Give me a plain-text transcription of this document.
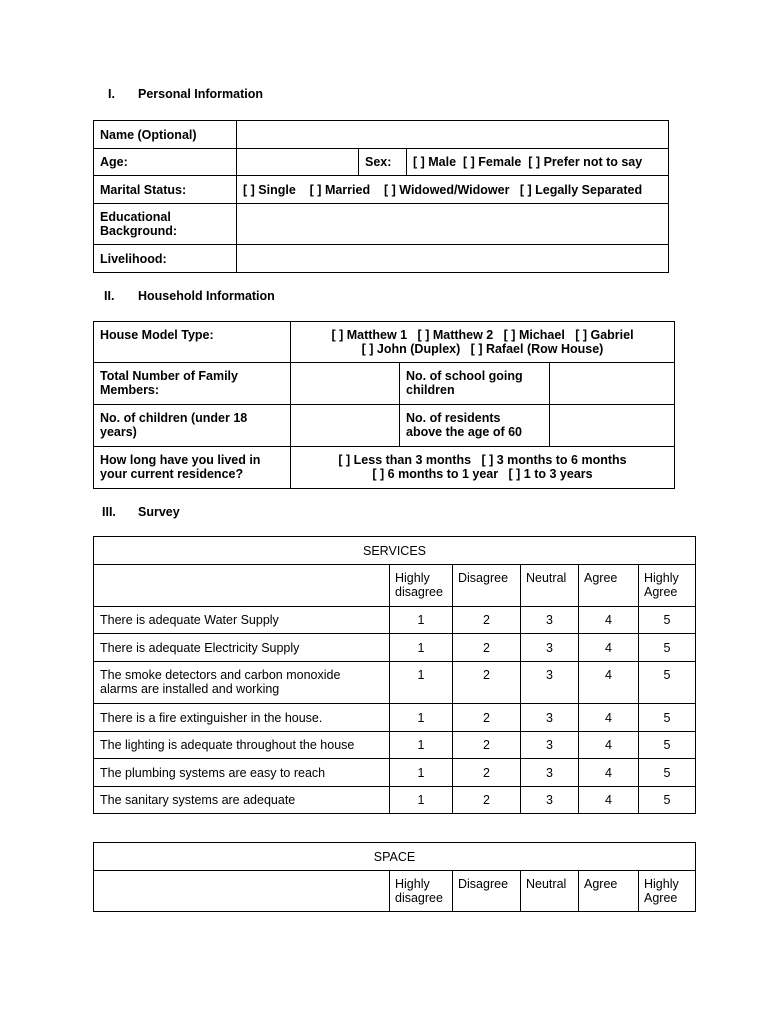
I. Personal Information
Name (Optional)			
Age:		Sex:	[ ] Male  [ ] Female  [ ] Prefer not to say
Marital Status:	[ ] Single    [ ] Married    [ ] Widowed/Widower   [ ] Legally Separated		
Educational
Background:			
Livelihood:			
II. Household Information
House Model Type:	[ ] Matthew 1   [ ] Matthew 2   [ ] Michael   [ ] Gabriel
[ ] John (Duplex)   [ ] Rafael (Row House)		
Total Number of Family
Members:		No. of school going
children	
No. of children (under 18
years)		No. of residents
above the age of 60	
How long have you lived in
your current residence?	[ ] Less than 3 months   [ ] 3 months to 6 months
[ ] 6 months to 1 year   [ ] 1 to 3 years		
III. Survey
SERVICES					
	Highly
disagree	Disagree	Neutral	Agree	Highly
Agree
There is adequate Water Supply	1	2	3	4	5
There is adequate Electricity Supply	1	2	3	4	5
The smoke detectors and carbon monoxide
alarms are installed and working	1	2	3	4	5
There is a fire extinguisher in the house.	1	2	3	4	5
The lighting is adequate throughout the house	1	2	3	4	5
The plumbing systems are easy to reach	1	2	3	4	5
The sanitary systems are adequate	1	2	3	4	5
SPACE
	Highly
disagree	Disagree	Neutral	Agree	Highly
Agree
